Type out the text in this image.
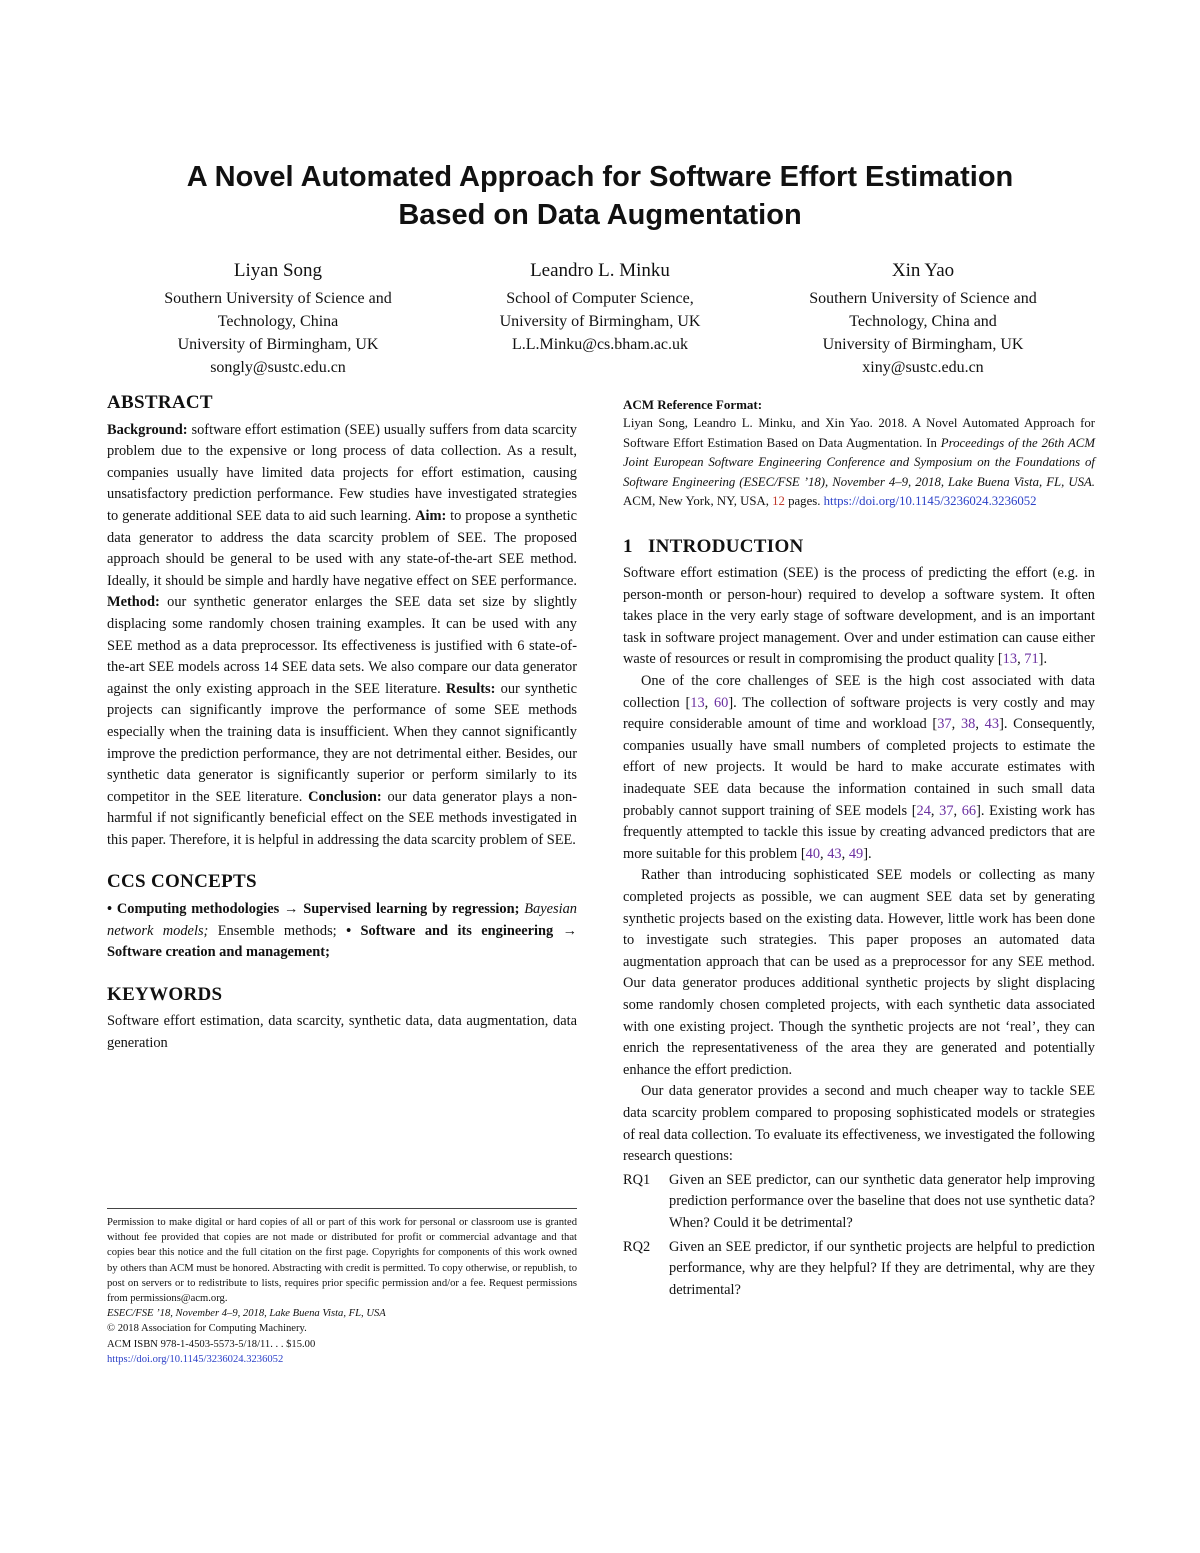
A Novel Automated Approach for Software Effort Estimation
Based on Data Augmentation
Liyan Song
Southern University of Science and
Technology, China
University of Birmingham, UK
songly@sustc.edu.cn
Leandro L. Minku
School of Computer Science,
University of Birmingham, UK
L.L.Minku@cs.bham.ac.uk
Xin Yao
Southern University of Science and
Technology, China and
University of Birmingham, UK
xiny@sustc.edu.cn
ABSTRACT

Background: software effort estimation (SEE) usually suffers from data scarcity problem due to the expensive or long process of data collection. As a result, companies usually have limited data projects for effort estimation, causing unsatisfactory prediction performance. Few studies have investigated strategies to generate additional SEE data to aid such learning. Aim: to propose a synthetic data generator to address the data scarcity problem of SEE. The proposed approach should be general to be used with any state-of-the-art SEE method. Ideally, it should be simple and hardly have negative effect on SEE performance. Method: our synthetic generator enlarges the SEE data set size by slightly displacing some randomly chosen training examples. It can be used with any SEE method as a data preprocessor. Its effectiveness is justified with 6 state-of-the-art SEE models across 14 SEE data sets. We also compare our data generator against the only existing approach in the SEE literature. Results: our synthetic projects can significantly improve the performance of some SEE methods especially when the training data is insufficient. When they cannot significantly improve the prediction performance, they are not detrimental either. Besides, our synthetic data generator is significantly superior or perform similarly to its competitor in the SEE literature. Conclusion: our data generator plays a non-harmful if not significantly beneficial effect on the SEE methods investigated in this paper. Therefore, it is helpful in addressing the data scarcity problem of SEE.

CCS CONCEPTS

• Computing methodologies → Supervised learning by regression; Bayesian network models; Ensemble methods; • Software and its engineering → Software creation and management;

KEYWORDS

Software effort estimation, data scarcity, synthetic data, data augmentation, data generation

Permission to make digital or hard copies of all or part of this work for personal or classroom use is granted without fee provided that copies are not made or distributed for profit or commercial advantage and that copies bear this notice and the full citation on the first page. Copyrights for components of this work owned by others than ACM must be honored. Abstracting with credit is permitted. To copy otherwise, or republish, to post on servers or to redistribute to lists, requires prior specific permission and/or a fee. Request permissions from permissions@acm.org.

ESEC/FSE ’18, November 4–9, 2018, Lake Buena Vista, FL, USA

© 2018 Association for Computing Machinery.

ACM ISBN 978-1-4503-5573-5/18/11. . . $15.00

https://doi.org/10.1145/3236024.3236052

ACM Reference Format:

Liyan Song, Leandro L. Minku, and Xin Yao. 2018. A Novel Automated Approach for Software Effort Estimation Based on Data Augmentation. In Proceedings of the 26th ACM Joint European Software Engineering Conference and Symposium on the Foundations of Software Engineering (ESEC/FSE ’18), November 4–9, 2018, Lake Buena Vista, FL, USA. ACM, New York, NY, USA, 12 pages. https://doi.org/10.1145/3236024.3236052

1   INTRODUCTION

Software effort estimation (SEE) is the process of predicting the effort (e.g. in person-month or person-hour) required to develop a software system. It often takes place in the very early stage of software development, and is an important task in software project management. Over and under estimation can cause either waste of resources or result in compromising the product quality [13, 71].

One of the core challenges of SEE is the high cost associated with data collection [13, 60]. The collection of software projects is very costly and may require considerable amount of time and workload [37, 38, 43]. Consequently, companies usually have small numbers of completed projects to estimate the effort of new projects. It would be hard to make accurate estimates with inadequate SEE data because the information contained in such small data probably cannot support training of SEE models [24, 37, 66]. Existing work has frequently attempted to tackle this issue by creating advanced predictors that are more suitable for this problem [40, 43, 49].

Rather than introducing sophisticated SEE models or collecting as many completed projects as possible, we can augment SEE data set by generating synthetic projects based on the existing data. However, little work has been done to investigate such strategies. This paper proposes an automated data augmentation approach that can be used as a preprocessor for any SEE method. Our data generator produces additional synthetic projects by slight displacing some randomly chosen completed projects, with each synthetic data associated with one existing project. Though the synthetic projects are not ‘real’, they can enrich the representativeness of the area they are generated and potentially enhance the effort prediction.

Our data generator provides a second and much cheaper way to tackle SEE data scarcity problem compared to proposing sophisticated models or strategies of real data collection. To evaluate its effectiveness, we investigated the following research questions:

RQ1	Given an SEE predictor, can our synthetic data generator help improving prediction performance over the baseline that does not use synthetic data? When? Could it be detrimental?
RQ2	Given an SEE predictor, if our synthetic projects are helpful to prediction performance, why are they helpful? If they are detrimental, why are they detrimental?
